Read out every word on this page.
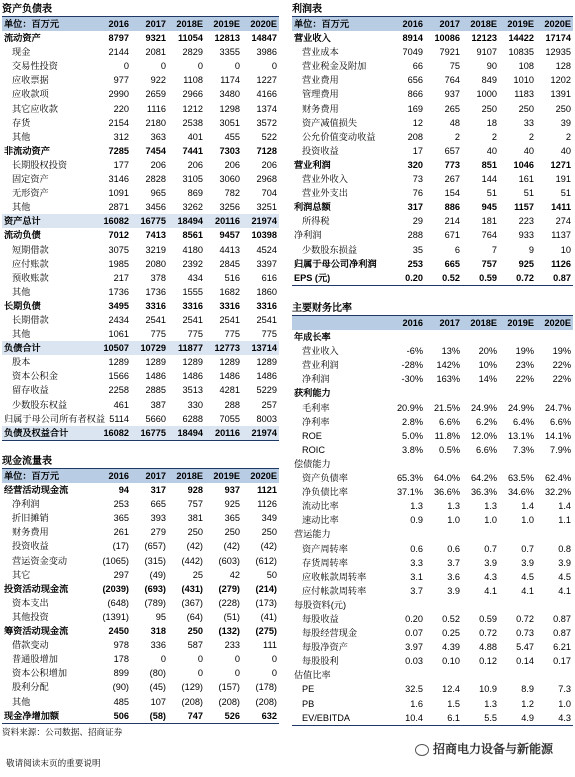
资产负债表
单位：百万元	2016	2017	2018E	2019E	2020E
流动资产	8797	9321	11054	12813	14847
现金	2144	2081	2829	3355	3986
交易性投资	0	0	0	0	0
应收票据	977	922	1108	1174	1227
应收款项	2990	2659	2966	3480	4166
其它应收款	220	1116	1212	1298	1374
存货	2154	2180	2538	3051	3572
其他	312	363	401	455	522
非流动资产	7285	7454	7441	7303	7128
长期股权投资	177	206	206	206	206
固定资产	3146	2828	3105	3060	2968
无形资产	1091	965	869	782	704
其他	2871	3456	3262	3256	3251
资产总计	16082	16775	18494	20116	21974
流动负债	7012	7413	8561	9457	10398
短期借款	3075	3219	4180	4413	4524
应付账款	1985	2080	2392	2845	3397
预收账款	217	378	434	516	616
其他	1736	1736	1555	1682	1860
长期负债	3495	3316	3316	3316	3316
长期借款	2434	2541	2541	2541	2541
其他	1061	775	775	775	775
负债合计	10507	10729	11877	12773	13714
股本	1289	1289	1289	1289	1289
资本公积金	1566	1486	1486	1486	1486
留存收益	2258	2885	3513	4281	5229
少数股东权益	461	387	330	288	257
归属于母公司所有者权益	5114	5660	6288	7055	8003
负债及权益合计	16082	16775	18494	20116	21974
现金流量表
单位：百万元	2016	2017	2018E	2019E	2020E
经营活动现金流	94	317	928	937	1121
净利润	253	665	757	925	1126
折旧摊销	365	393	381	365	349
财务费用	261	279	250	250	250
投资收益	(17)	(657)	(42)	(42)	(42)
营运资金变动	(1065)	(315)	(442)	(603)	(612)
其它	297	(49)	25	42	50
投资活动现金流	(2039)	(693)	(431)	(279)	(214)
资本支出	(648)	(789)	(367)	(228)	(173)
其他投资	(1391)	95	(64)	(51)	(41)
筹资活动现金流	2450	318	250	(132)	(275)
借款变动	978	336	587	233	111
普通股增加	178	0	0	0	0
资本公积增加	899	(80)	0	0	0
股利分配	(90)	(45)	(129)	(157)	(178)
其他	485	107	(208)	(208)	(208)
现金净增加额	506	(58)	747	526	632
资料来源：公司数据、招商证券
利润表
单位：百万元	2016	2017	2018E	2019E	2020E
营业收入	8914	10086	12123	14422	17174
营业成本	7049	7921	9107	10835	12935
营业税金及附加	66	75	90	108	128
营业费用	656	764	849	1010	1202
管理费用	866	937	1000	1183	1391
财务费用	169	265	250	250	250
资产减值损失	12	48	18	33	39
公允价值变动收益	208	2	2	2	2
投资收益	17	657	40	40	40
营业利润	320	773	851	1046	1271
营业外收入	73	267	144	161	191
营业外支出	76	154	51	51	51
利润总额	317	886	945	1157	1411
所得税	29	214	181	223	274
净利润	288	671	764	933	1137
少数股东损益	35	6	7	9	10
归属于母公司净利润	253	665	757	925	1126
EPS (元)	0.20	0.52	0.59	0.72	0.87
主要财务比率
	2016	2017	2018E	2019E	2020E
年成长率					
营业收入	-6%	13%	20%	19%	19%
营业利润	-28%	142%	10%	23%	22%
净利润	-30%	163%	14%	22%	22%
获利能力					
毛利率	20.9%	21.5%	24.9%	24.9%	24.7%
净利率	2.8%	6.6%	6.2%	6.4%	6.6%
ROE	5.0%	11.8%	12.0%	13.1%	14.1%
ROIC	3.8%	0.5%	6.6%	7.3%	7.9%
偿债能力					
资产负债率	65.3%	64.0%	64.2%	63.5%	62.4%
净负债比率	37.1%	36.6%	36.3%	34.6%	32.2%
流动比率	1.3	1.3	1.3	1.4	1.4
速动比率	0.9	1.0	1.0	1.0	1.1
营运能力					
资产周转率	0.6	0.6	0.7	0.7	0.8
存货周转率	3.3	3.7	3.9	3.9	3.9
应收帐款周转率	3.1	3.6	4.3	4.5	4.5
应付帐款周转率	3.7	3.9	4.1	4.1	4.1
每股资料(元)					
每股收益	0.20	0.52	0.59	0.72	0.87
每股经营现金	0.07	0.25	0.72	0.73	0.87
每股净资产	3.97	4.39	4.88	5.47	6.21
每股股利	0.03	0.10	0.12	0.14	0.17
估值比率					
PE	32.5	12.4	10.9	8.9	7.3
PB	1.6	1.5	1.3	1.2	1.0
EV/EBITDA	10.4	6.1	5.5	4.9	4.3
敬请阅读末页的重要说明
招商电力设备与新能源
